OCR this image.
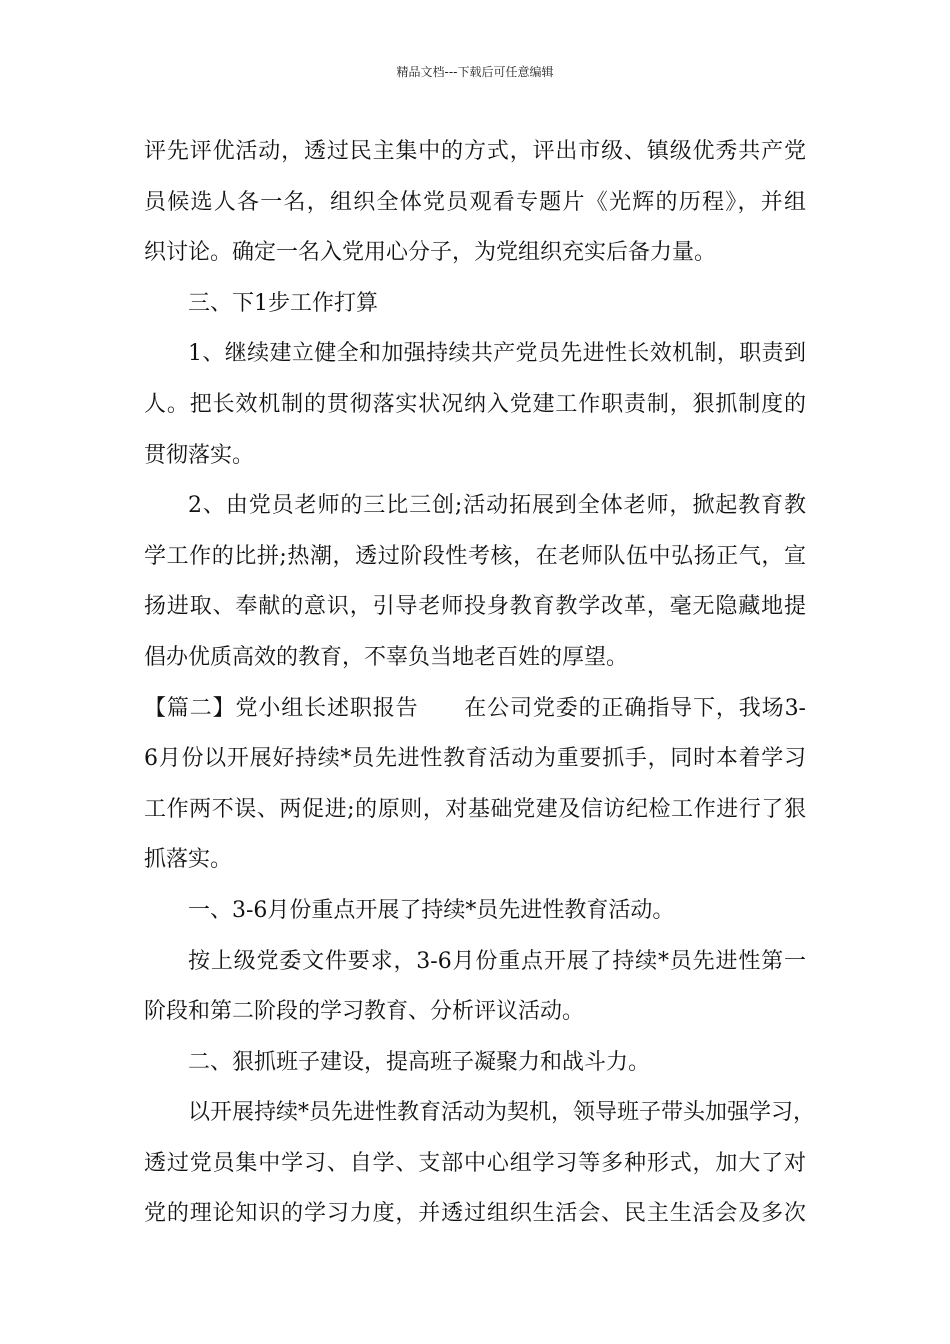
精品文档---下载后可任意编辑
评先评优活动，透过民主集中的方式，评出市级、镇级优秀共产党
员候选人各一名，组织全体党员观看专题片《光辉的历程》，并组
织讨论。确定一名入党用心分子，为党组织充实后备力量。
三、下1步工作打算
1、继续建立健全和加强持续共产党员先进性长效机制，职责到
人。把长效机制的贯彻落实状况纳入党建工作职责制，狠抓制度的
贯彻落实。
2、由党员老师的三比三创;活动拓展到全体老师，掀起教育教
学工作的比拼;热潮，透过阶段性考核，在老师队伍中弘扬正气，宣
扬进取、奉献的意识，引导老师投身教育教学改革，毫无隐藏地提
倡办优质高效的教育，不辜负当地老百姓的厚望。
【篇二】党小组长述职报告　　在公司党委的正确指导下，我场3-
6月份以开展好持续*员先进性教育活动为重要抓手，同时本着学习
工作两不误、两促进;的原则，对基础党建及信访纪检工作进行了狠
抓落实。
一、3-6月份重点开展了持续*员先进性教育活动。
按上级党委文件要求，3-6月份重点开展了持续*员先进性第一
阶段和第二阶段的学习教育、分析评议活动。
二、狠抓班子建设，提高班子凝聚力和战斗力。
以开展持续*员先进性教育活动为契机，领导班子带头加强学习，
透过党员集中学习、自学、支部中心组学习等多种形式，加大了对
党的理论知识的学习力度，并透过组织生活会、民主生活会及多次
